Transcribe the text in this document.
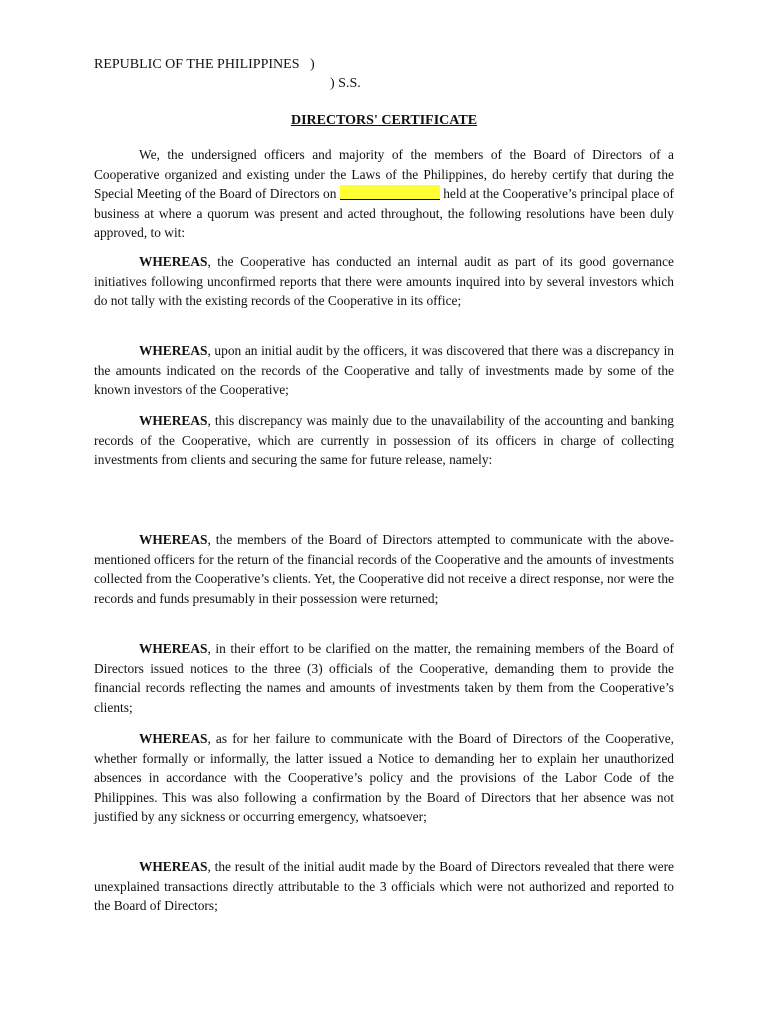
REPUBLIC OF THE PHILIPPINES   )
) S.S.
DIRECTORS' CERTIFICATE

We, the undersigned officers and majority of the members of the Board of Directors of a Cooperative organized and existing under the Laws of the Philippines, do hereby certify that during the Special Meeting of the Board of Directors on	held at the Cooperative’s principal place of business at where a quorum was present and acted throughout, the following resolutions have been duly approved, to wit:

WHEREAS, the Cooperative has conducted an internal audit as part of its good governance initiatives following unconfirmed reports that there were amounts inquired into by several investors which do not tally with the existing records of the Cooperative in its office;

WHEREAS, upon an initial audit by the officers, it was discovered that there was a discrepancy in the amounts indicated on the records of the Cooperative and tally of investments made by some of the known investors of the Cooperative;

WHEREAS, this discrepancy was mainly due to the unavailability of the accounting and banking records of the Cooperative, which are currently in possession of its officers in charge of collecting investments from clients and securing the same for future release, namely:

WHEREAS, the members of the Board of Directors attempted to communicate with the above-mentioned officers for the return of the financial records of the Cooperative and the amounts of investments collected from the Cooperative’s clients. Yet, the Cooperative did not receive a direct response, nor were the records and funds presumably in their possession were returned;

WHEREAS, in their effort to be clarified on the matter, the remaining members of the Board of Directors issued notices to the three (3) officials of the Cooperative, demanding them to provide the financial records reflecting the names and amounts of investments taken by them from the Cooperative’s clients;

WHEREAS, as for her failure to communicate with the Board of Directors of the Cooperative, whether formally or informally, the latter issued a Notice to demanding her to explain her unauthorized absences in accordance with the Cooperative’s policy and the provisions of the Labor Code of the Philippines. This was also following a confirmation by the Board of Directors that her absence was not justified by any sickness or occurring emergency, whatsoever;

WHEREAS, the result of the initial audit made by the Board of Directors revealed that there were unexplained transactions directly attributable to the 3 officials which were not authorized and reported to the Board of Directors;
